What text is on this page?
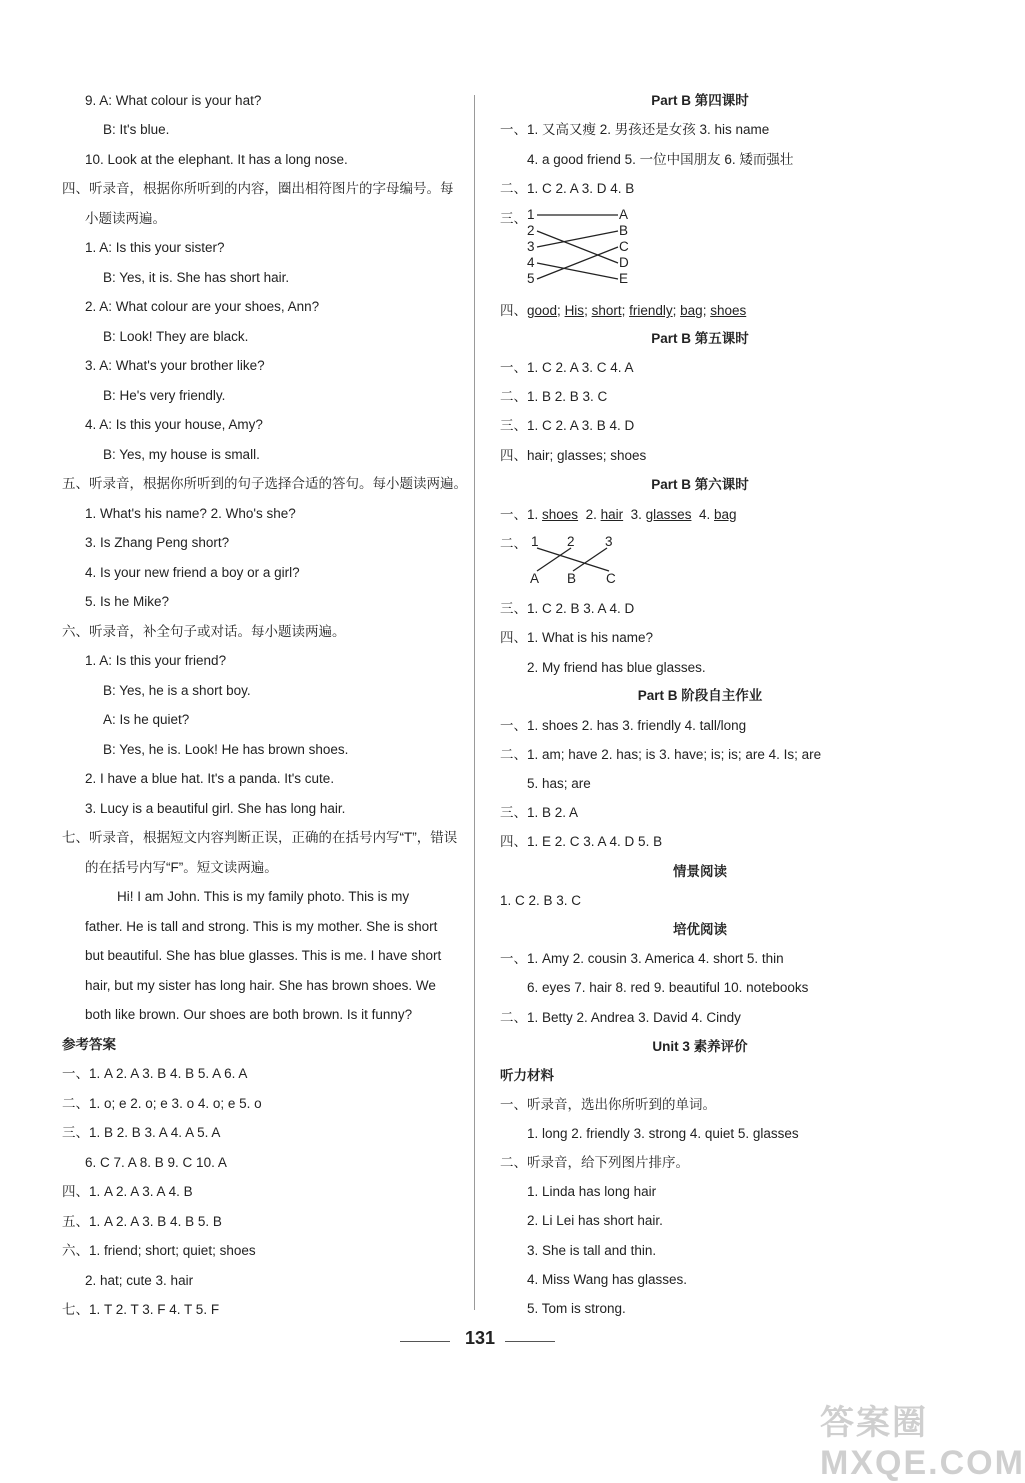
9. A: What colour is your hat?
B: It's blue.
10. Look at the elephant. It has a long nose.
四、听录音，根据你所听到的内容，圈出相符图片的字母编号。每
小题读两遍。
1. A: Is this your sister?
B: Yes, it is. She has short hair.
2. A: What colour are your shoes, Ann?
B: Look! They are black.
3. A: What's your brother like?
B: He's very friendly.
4. A: Is this your house, Amy?
B: Yes, my house is small.
五、听录音，根据你所听到的句子选择合适的答句。每小题读两遍。
1. What's his name? 2. Who's she?
3. Is Zhang Peng short?
4. Is your new friend a boy or a girl?
5. Is he Mike?
六、听录音，补全句子或对话。每小题读两遍。
1. A: Is this your friend?
B: Yes, he is a short boy.
A: Is he quiet?
B: Yes, he is. Look! He has brown shoes.
2. I have a blue hat. It's a panda. It's cute.
3. Lucy is a beautiful girl. She has long hair.
七、听录音，根据短文内容判断正误，正确的在括号内写“T”，错误
的在括号内写“F”。短文读两遍。
Hi! I am John. This is my family photo. This is my
father. He is tall and strong. This is my mother. She is short
but beautiful. She has blue glasses. This is me. I have short
hair, but my sister has long hair. She has brown shoes. We
both like brown. Our shoes are both brown. Is it funny?
参考答案
一、1. A 2. A 3. B 4. B 5. A 6. A
二、1. o; e 2. o; e 3. o 4. o; e 5. o
三、1. B 2. B 3. A 4. A 5. A
6. C 7. A 8. B 9. C 10. A
四、1. A 2. A 3. A 4. B
五、1. A 2. A 3. B 4. B 5. B
六、1. friend; short; quiet; shoes
2. hat; cute 3. hair
七、1. T 2. T 3. F 4. T 5. F
Part B 第四课时
一、1. 又高又瘦 2. 男孩还是女孩 3. his name
4. a good friend 5. 一位中国朋友 6. 矮而强壮
二、1. C 2. A 3. D 4. B
三、 1
2
3
4
5
A
B
C
D
E
四、good; His; short; friendly; bag; shoes
Part B 第五课时
一、1. C 2. A 3. C 4. A
二、1. B 2. B 3. C
三、1. C 2. A 3. B 4. D
四、hair; glasses; shoes
Part B 第六课时
一、1. shoes 2. hair 3. glasses 4. bag
二、 1 2 3
A B C
三、1. C 2. B 3. A 4. D
四、1. What is his name?
2. My friend has blue glasses.
Part B 阶段自主作业
一、1. shoes 2. has 3. friendly 4. tall/long
二、1. am; have 2. has; is 3. have; is; is; are 4. Is; are
5. has; are
三、1. B 2. A
四、1. E 2. C 3. A 4. D 5. B
情景阅读
1. C 2. B 3. C
培优阅读
一、1. Amy 2. cousin 3. America 4. short 5. thin
6. eyes 7. hair 8. red 9. beautiful 10. notebooks
二、1. Betty 2. Andrea 3. David 4. Cindy
Unit 3 素养评价
听力材料
一、听录音，选出你所听到的单词。
1. long 2. friendly 3. strong 4. quiet 5. glasses
二、听录音，给下列图片排序。
1. Linda has long hair
2. Li Lei has short hair.
3. She is tall and thin.
4. Miss Wang has glasses.
5. Tom is strong.
131
答案圈 MXQE.COM
